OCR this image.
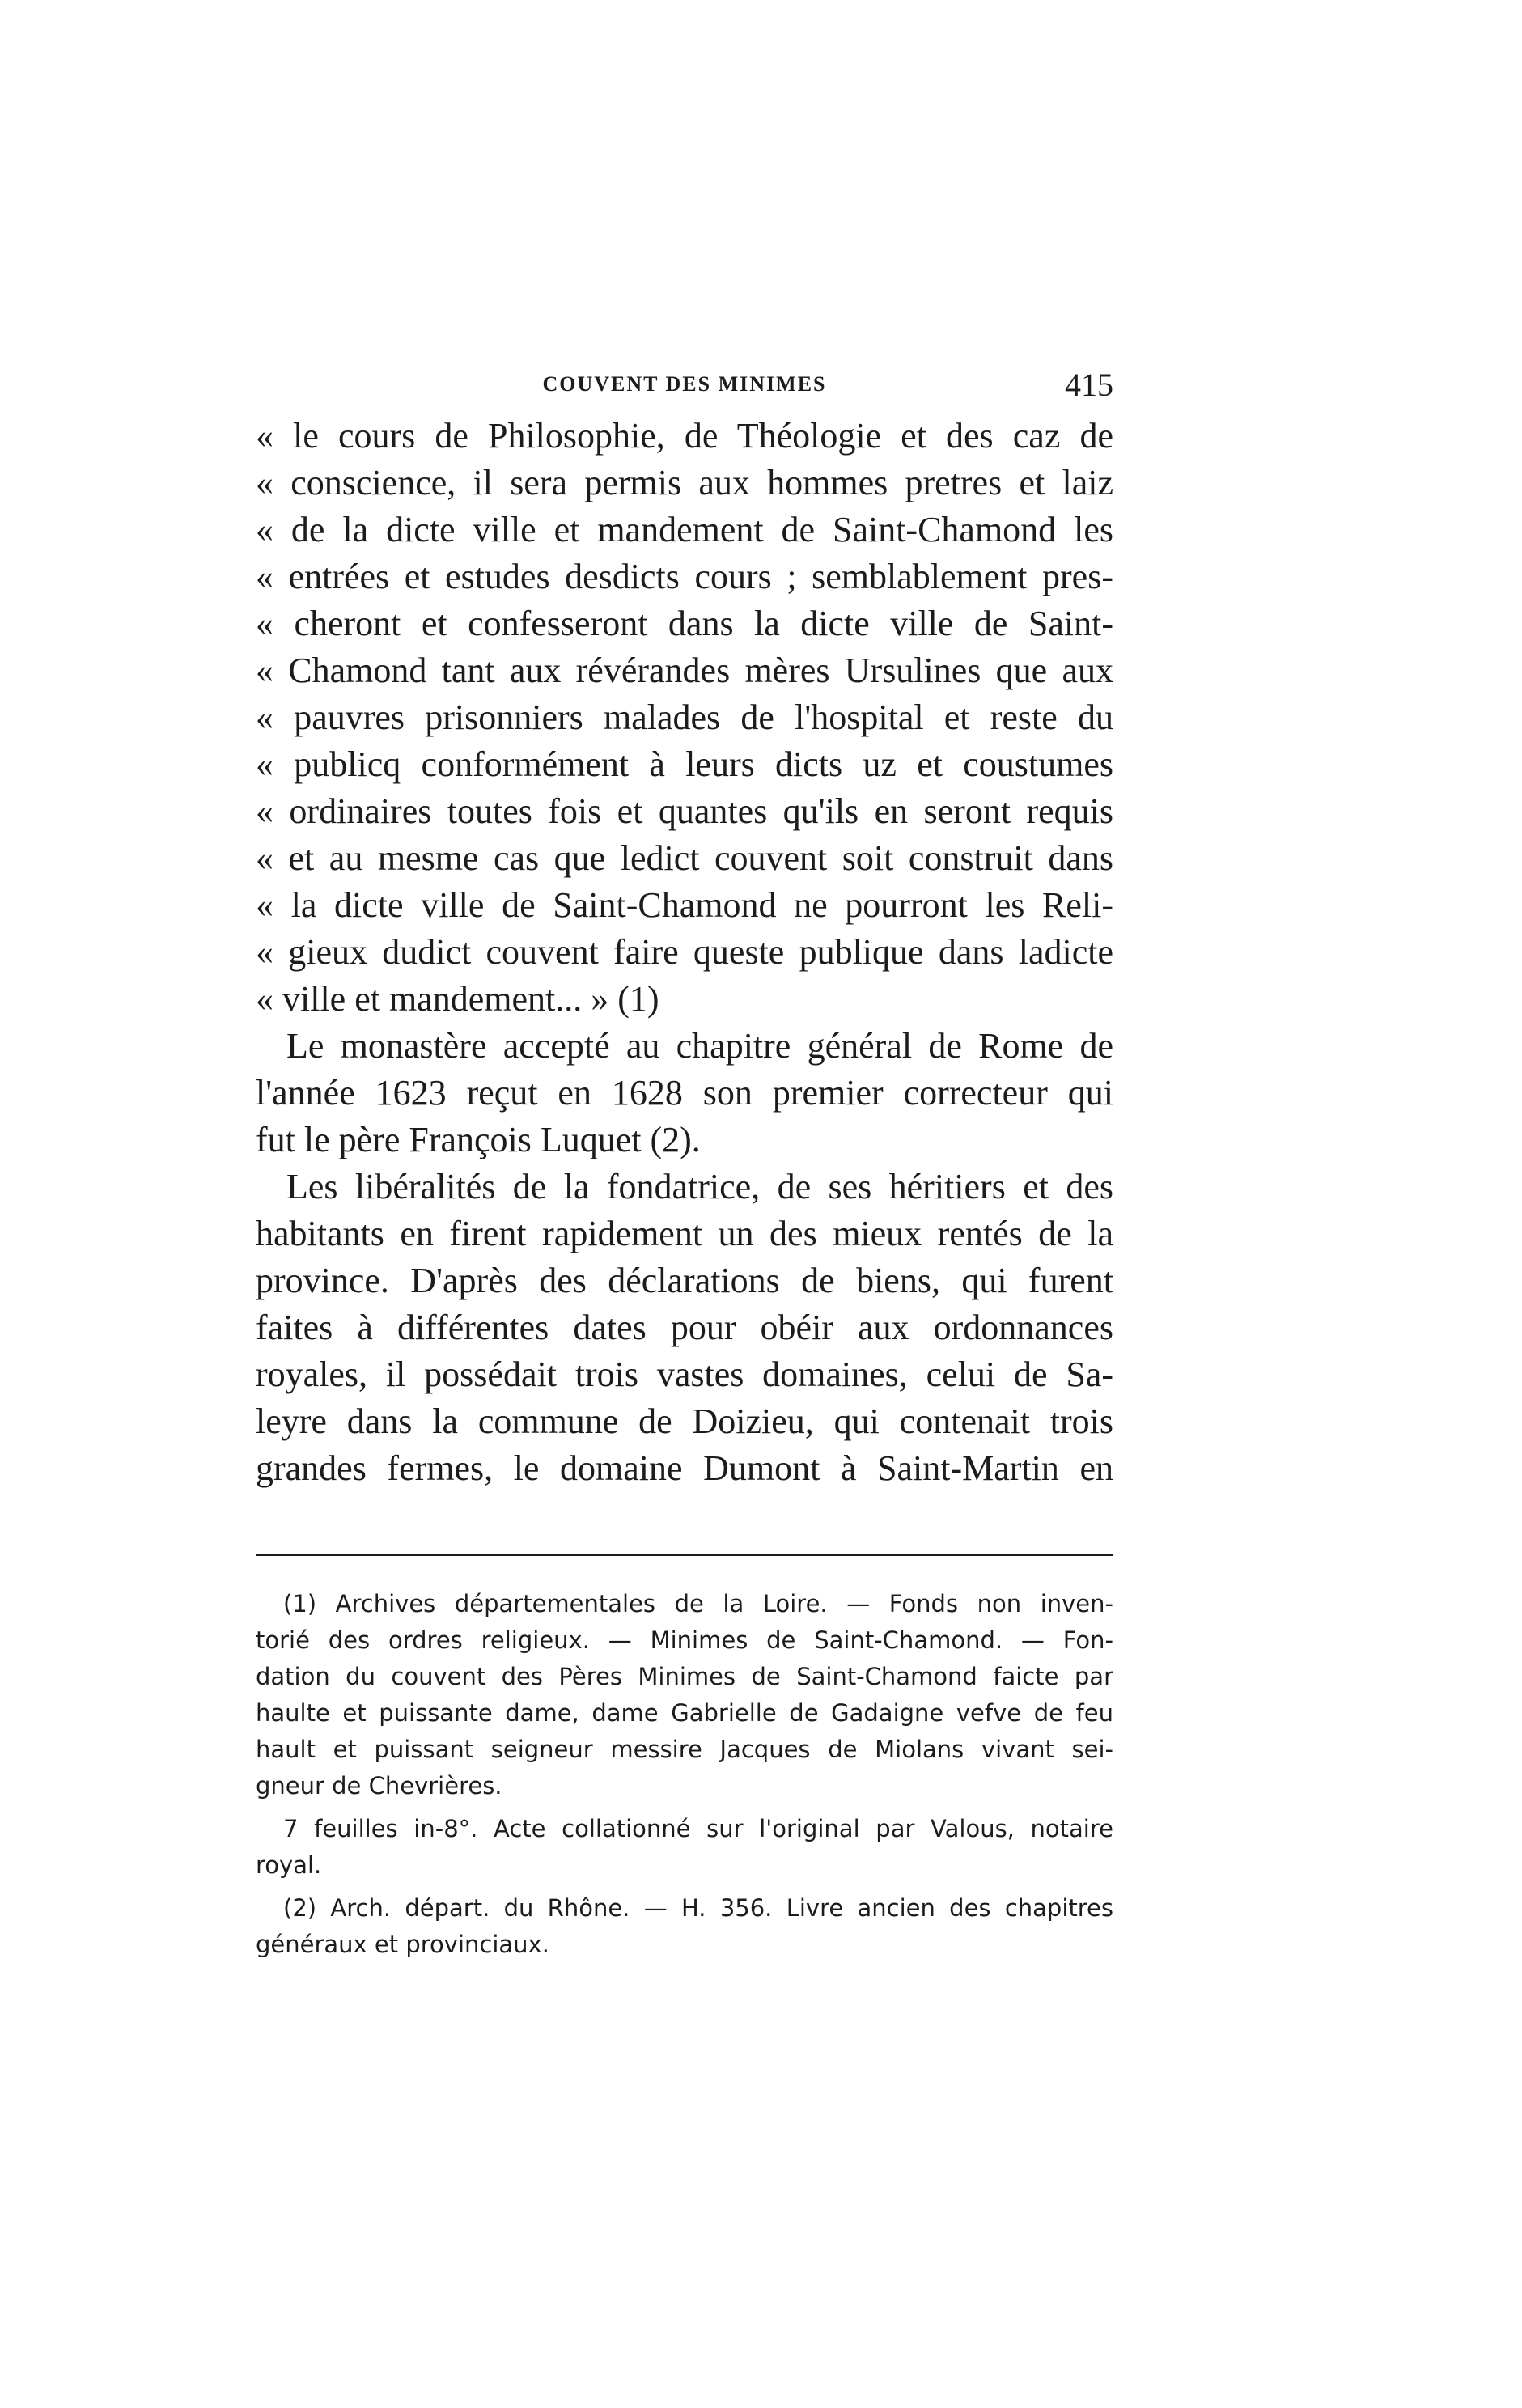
COUVENT DES MINIMES	415
« le cours de Philosophie, de Théologie et des caz de
« conscience, il sera permis aux hommes pretres et laiz
« de la dicte ville et mandement de Saint-Chamond les
« entrées et estudes desdicts cours ; semblablement pres-
« cheront et confesseront dans la dicte ville de Saint-
« Chamond tant aux révérandes mères Ursulines que aux
« pauvres prisonniers malades de l'hospital et reste du
« publicq conformément à leurs dicts uz et coustumes
« ordinaires toutes fois et quantes qu'ils en seront requis
« et au mesme cas que ledict couvent soit construit dans
« la dicte ville de Saint-Chamond ne pourront les Reli-
« gieux dudict couvent faire queste publique dans ladicte
« ville et mandement... » (1)
Le monastère accepté au chapitre général de Rome de
l'année 1623 reçut en 1628 son premier correcteur qui
fut le père François Luquet (2).
Les libéralités de la fondatrice, de ses héritiers et des
habitants en firent rapidement un des mieux rentés de la
province. D'après des déclarations de biens, qui furent
faites à différentes dates pour obéir aux ordonnances
royales, il possédait trois vastes domaines, celui de Sa-
leyre dans la commune de Doizieu, qui contenait trois
grandes fermes, le domaine Dumont à Saint-Martin en
(1) Archives départementales de la Loire. — Fonds non inven-
torié des ordres religieux. — Minimes de Saint-Chamond. — Fon-
dation du couvent des Pères Minimes de Saint-Chamond faicte par
haulte et puissante dame, dame Gabrielle de Gadaigne vefve de feu
hault et puissant seigneur messire Jacques de Miolans vivant sei-
gneur de Chevrières.
7 feuilles in-8°. Acte collationné sur l'original par Valous, notaire
royal.
(2) Arch. départ. du Rhône. — H. 356. Livre ancien des chapitres
généraux et provinciaux.
